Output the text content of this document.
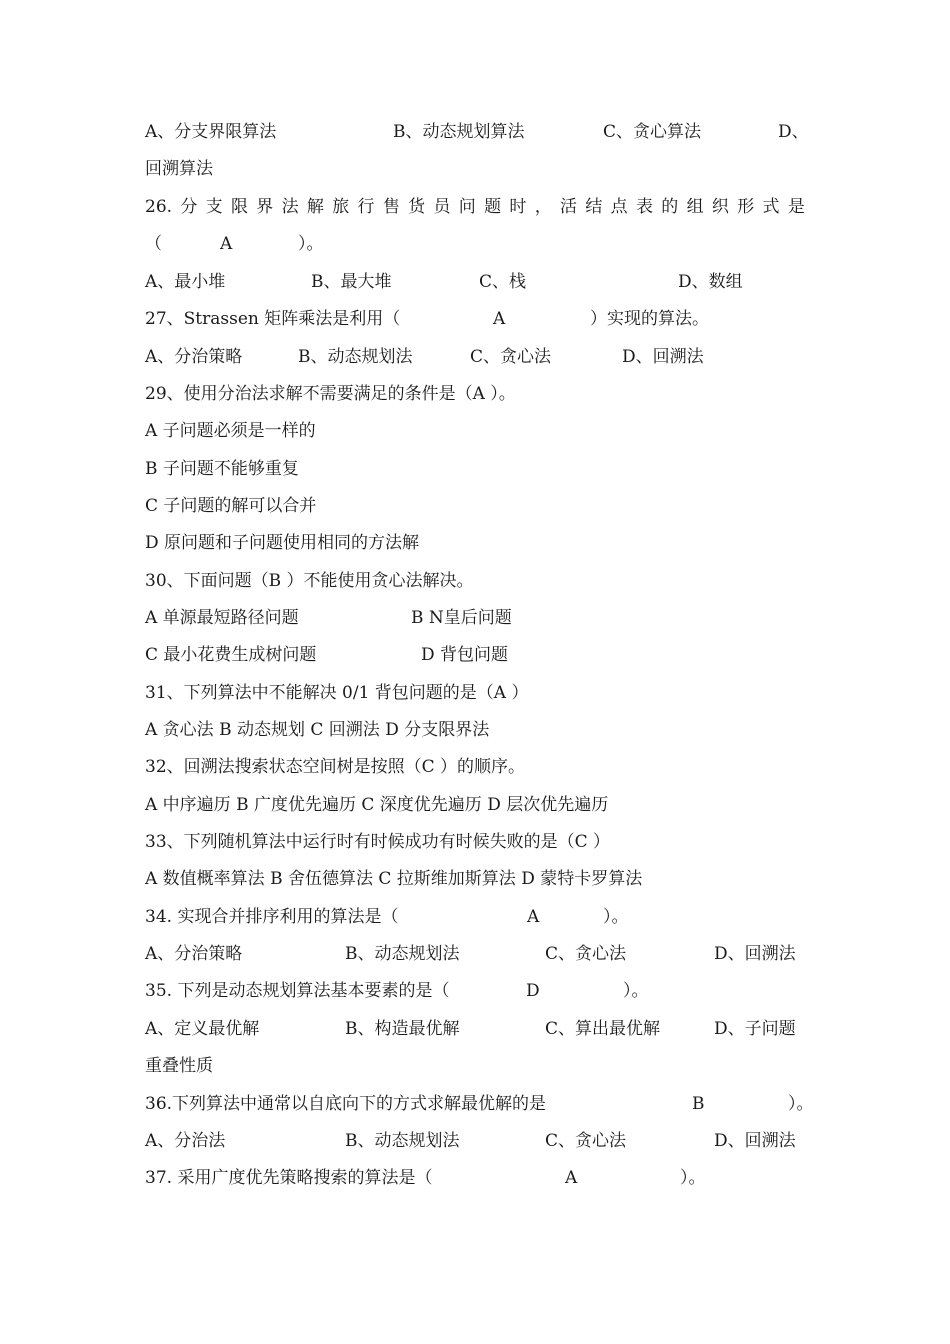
A、分支界限算法	B、动态规划算法	C、贪心算法	D、
回溯算法
26. 分 支 限 界 法 解 旅 行 售 货 员 问 题 时 ， 活 结 点 表 的 组 织 形 式 是
（	A	）。
A、最小堆	B、最大堆	C、栈	D、数组
27、Strassen 矩阵乘法是利用（	A	）实现的算法。
A、分治策略	B、动态规划法	C、贪心法	D、回溯法
29、使用分治法求解不需要满足的条件是（A ）。
A 子问题必须是一样的
B 子问题不能够重复
C 子问题的解可以合并
D 原问题和子问题使用相同的方法解
30、下面问题（B ）不能使用贪心法解决。
A 单源最短路径问题	B N皇后问题
C 最小花费生成树问题	D 背包问题
31、下列算法中不能解决 0/1 背包问题的是（A ）
A 贪心法 B 动态规划 C 回溯法 D 分支限界法
32、回溯法搜索状态空间树是按照（C ）的顺序。
A 中序遍历 B 广度优先遍历 C 深度优先遍历 D 层次优先遍历
33、下列随机算法中运行时有时候成功有时候失败的是（C ）
A 数值概率算法 B 舍伍德算法 C 拉斯维加斯算法 D 蒙特卡罗算法
34. 实现合并排序利用的算法是（	A	）。
A、分治策略	B、动态规划法	C、贪心法	D、回溯法
35. 下列是动态规划算法基本要素的是（	D	）。
A、定义最优解	B、构造最优解	C、算出最优解	D、子问题
重叠性质
36.下列算法中通常以自底向下的方式求解最优解的是	B	）。
A、分治法	B、动态规划法	C、贪心法	D、回溯法
37. 采用广度优先策略搜索的算法是（	A	）。
